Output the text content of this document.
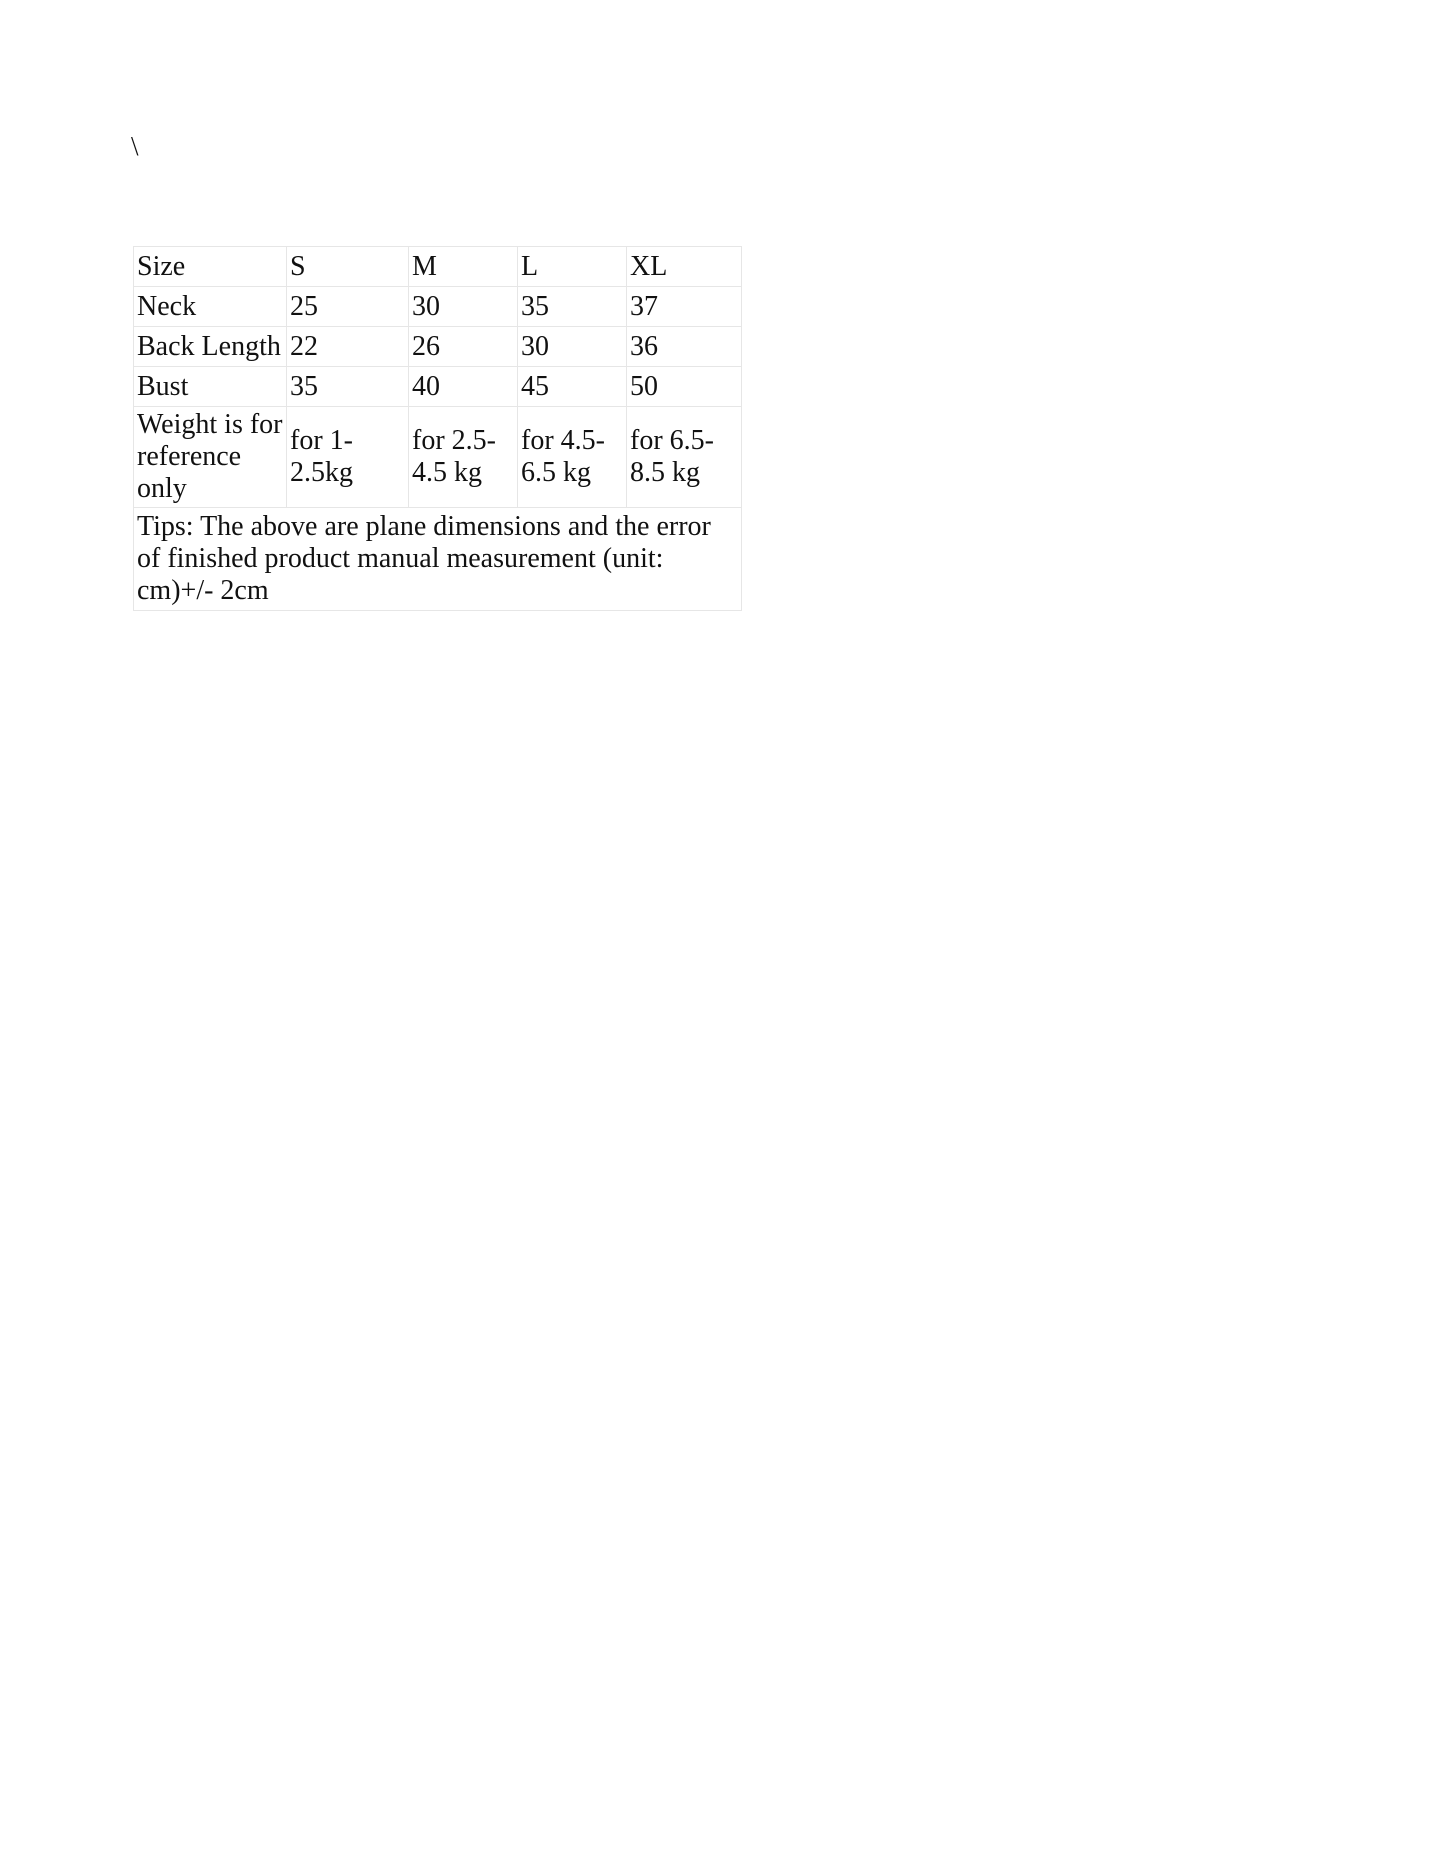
\
Size	S	M	L	XL
Neck	25	30	35	37
Back Length	22	26	30	36
Bust	35	40	45	50
Weight is for reference only	for 1-2.5kg	for 2.5-4.5 kg	for 4.5-6.5 kg	for 6.5-8.5 kg
Tips: The above are plane dimensions and the error of finished product manual measurement (unit: cm)+/- 2cm				
